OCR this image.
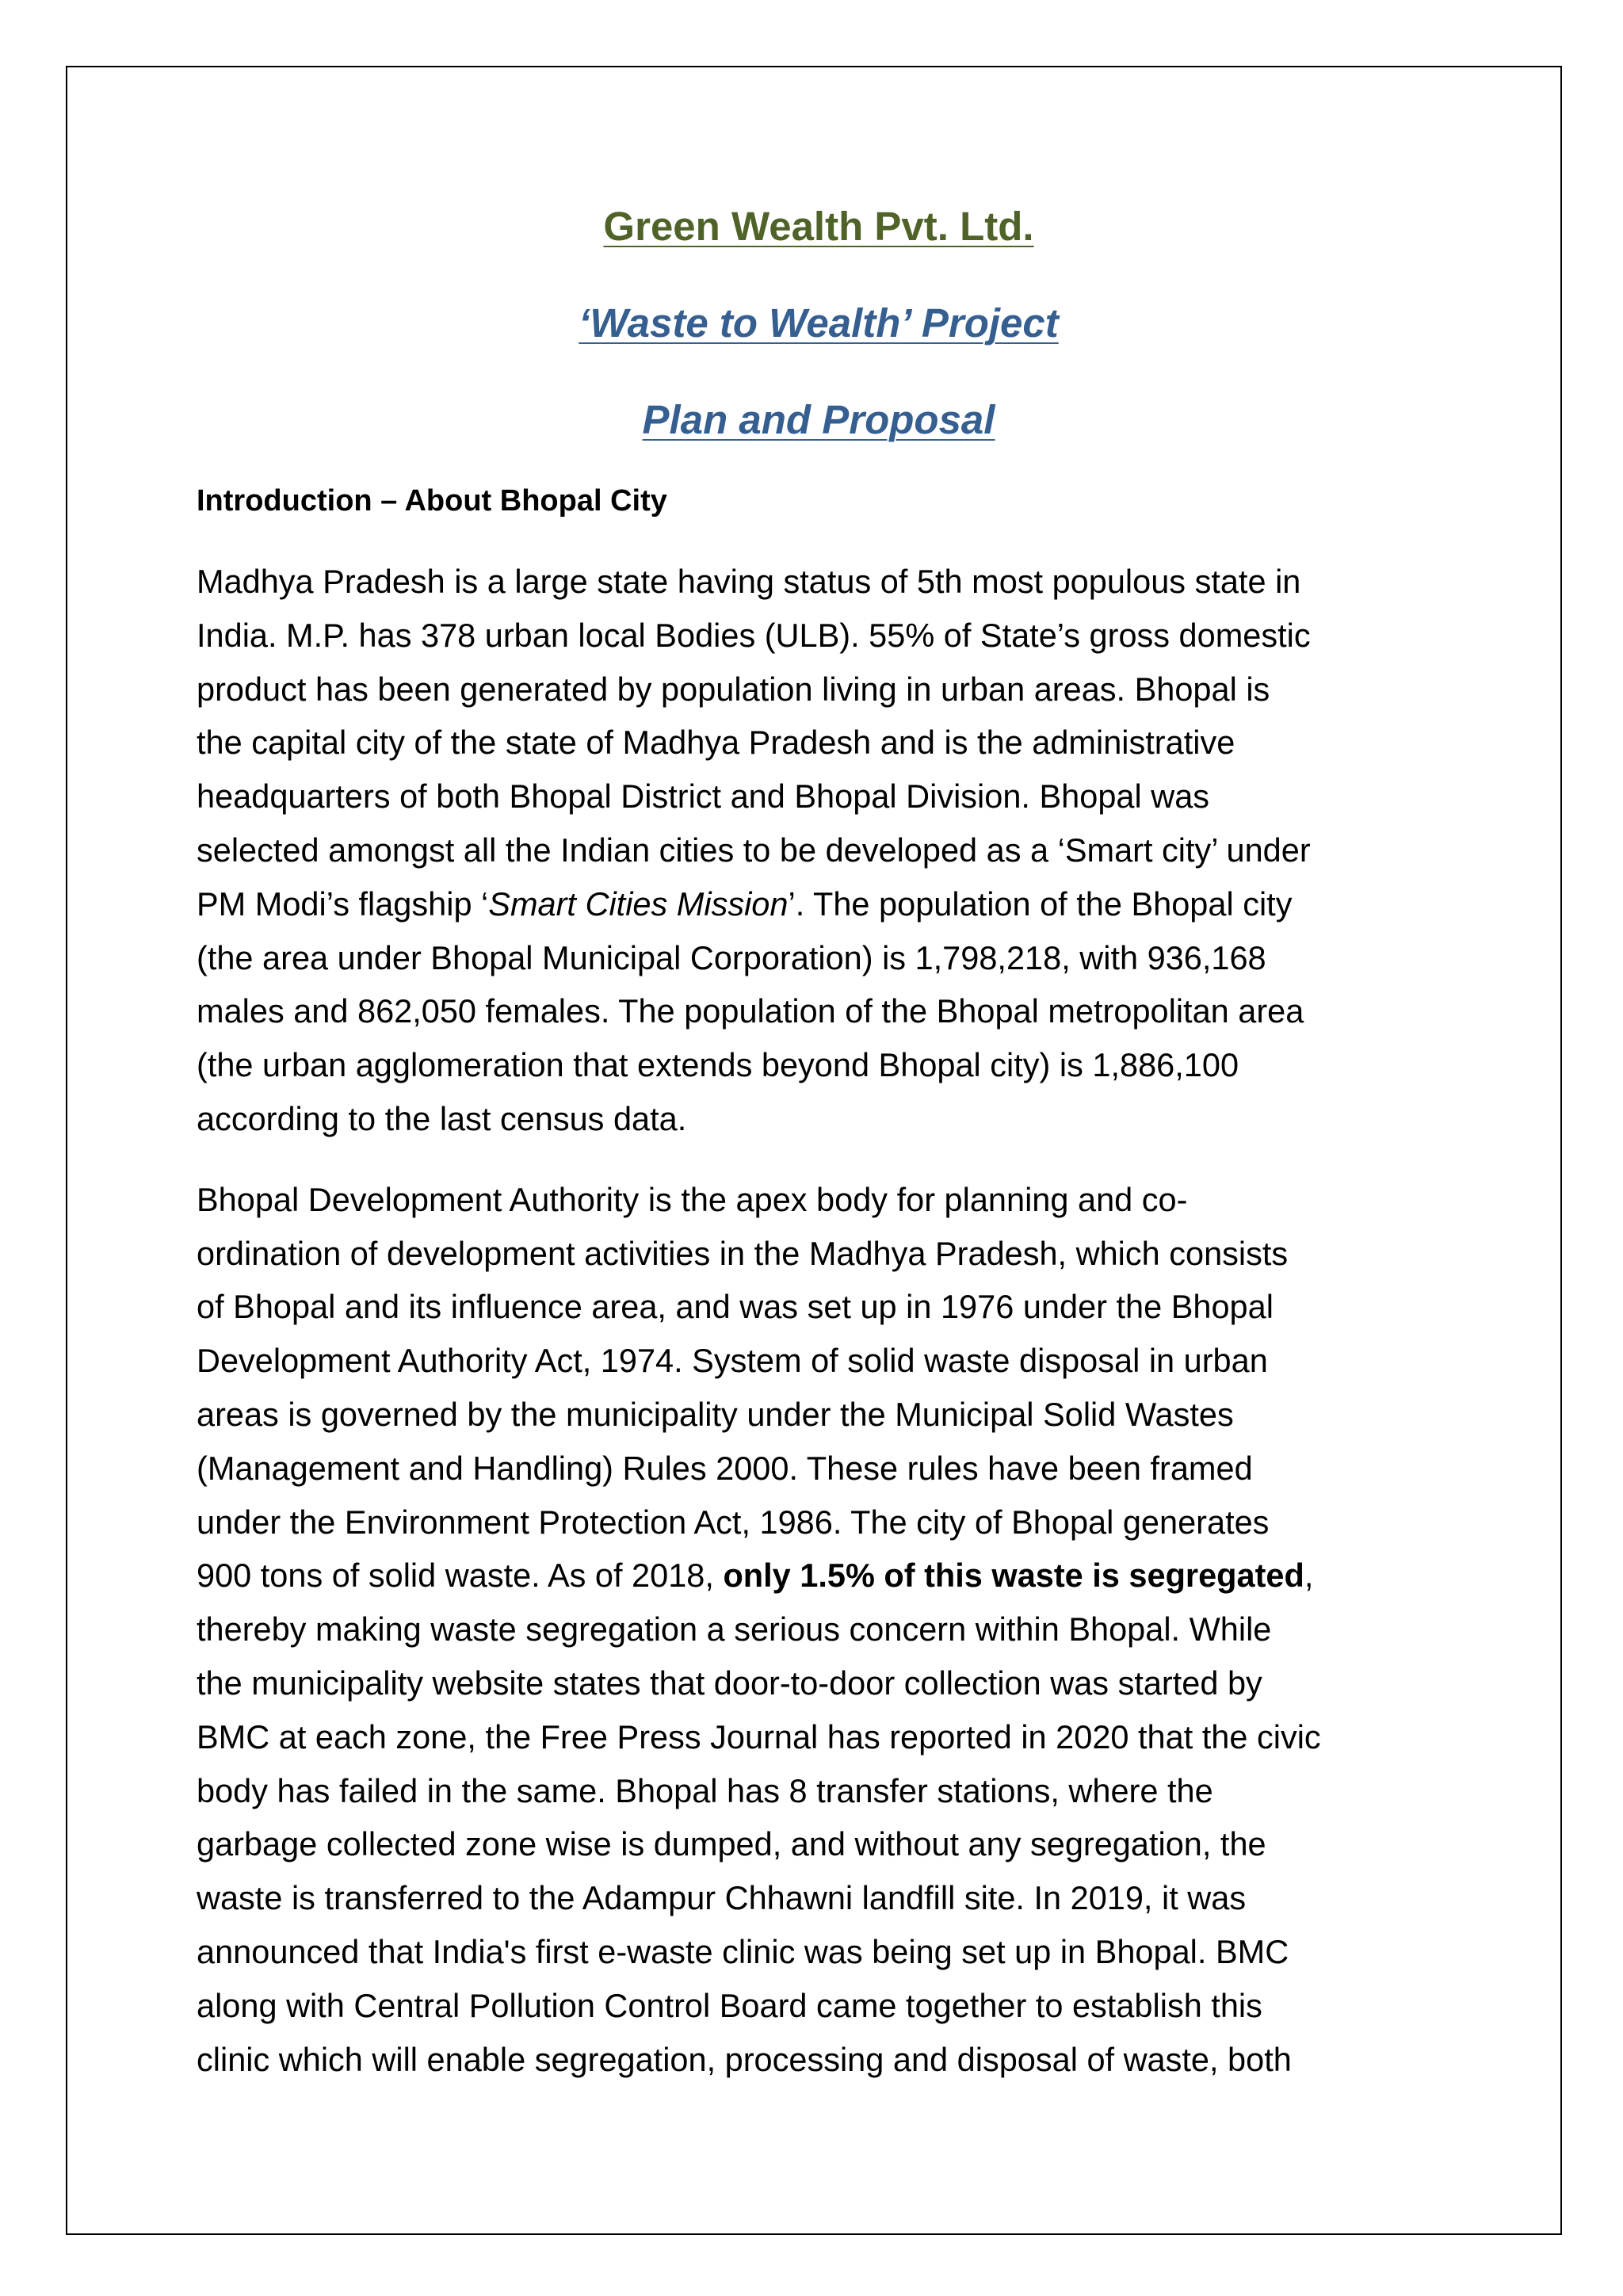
Green Wealth Pvt. Ltd.
‘Waste to Wealth’ Project
Plan and Proposal
Introduction – About Bhopal City

Madhya Pradesh is a large state having status of 5th most populous state in
India. M.P. has 378 urban local Bodies (ULB). 55% of State’s gross domestic
product has been generated by population living in urban areas. Bhopal is
the capital city of the state of Madhya Pradesh and is the administrative
headquarters of both Bhopal District and Bhopal Division. Bhopal was
selected amongst all the Indian cities to be developed as a ‘Smart city’ under
PM Modi’s flagship ‘Smart Cities Mission’. The population of the Bhopal city
(the area under Bhopal Municipal Corporation) is 1,798,218, with 936,168
males and 862,050 females. The population of the Bhopal metropolitan area
(the urban agglomeration that extends beyond Bhopal city) is 1,886,100
according to the last census data.

Bhopal Development Authority is the apex body for planning and co-
ordination of development activities in the Madhya Pradesh, which consists
of Bhopal and its influence area, and was set up in 1976 under the Bhopal
Development Authority Act, 1974. System of solid waste disposal in urban
areas is governed by the municipality under the Municipal Solid Wastes
(Management and Handling) Rules 2000. These rules have been framed
under the Environment Protection Act, 1986. The city of Bhopal generates
900 tons of solid waste. As of 2018, only 1.5% of this waste is segregated,
thereby making waste segregation a serious concern within Bhopal. While
the municipality website states that door-to-door collection was started by
BMC at each zone, the Free Press Journal has reported in 2020 that the civic
body has failed in the same. Bhopal has 8 transfer stations, where the
garbage collected zone wise is dumped, and without any segregation, the
waste is transferred to the Adampur Chhawni landfill site. In 2019, it was
announced that India's first e-waste clinic was being set up in Bhopal. BMC
along with Central Pollution Control Board came together to establish this
clinic which will enable segregation, processing and disposal of waste, both
